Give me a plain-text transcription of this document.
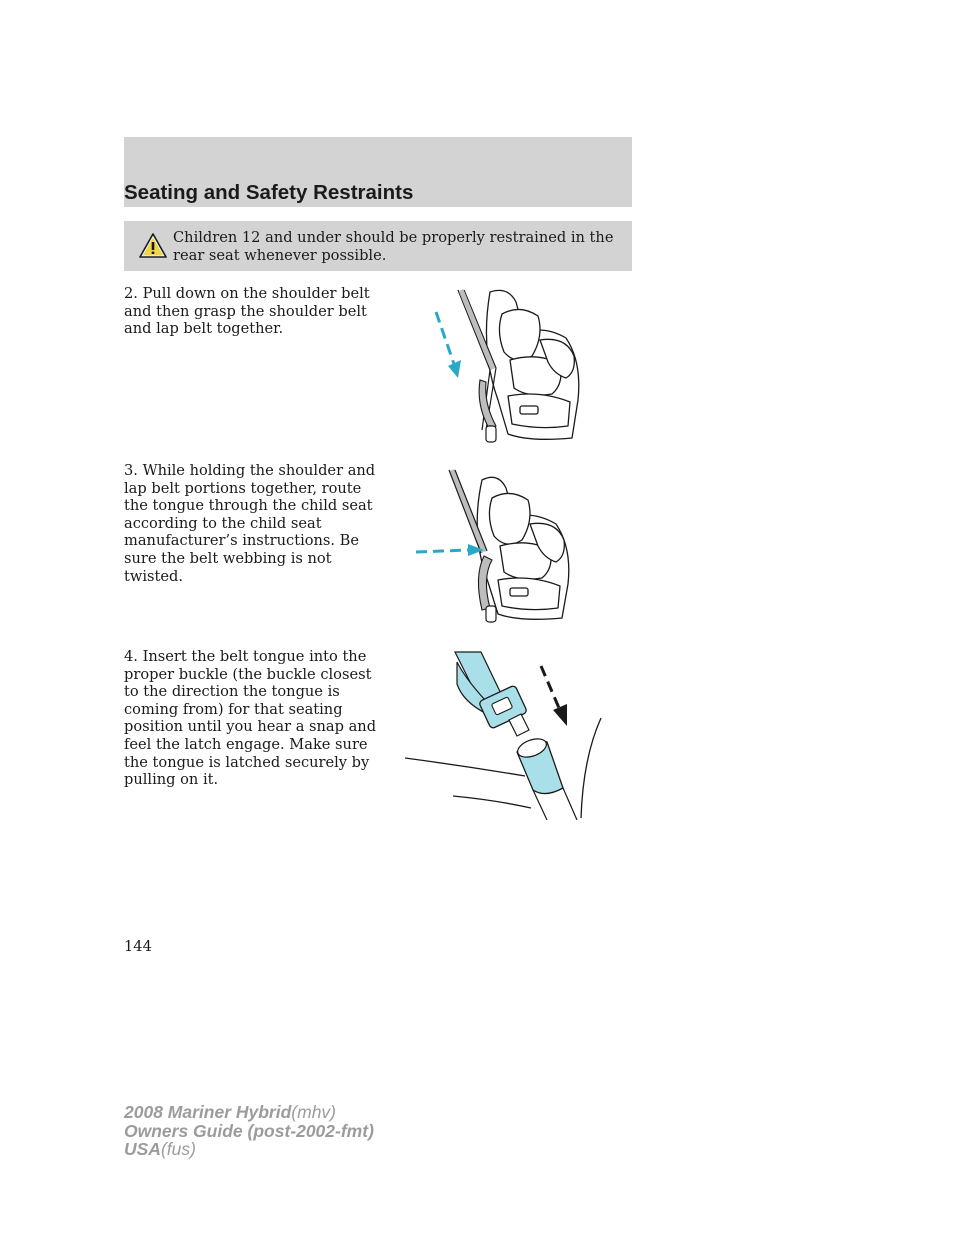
Seating and Safety Restraints
Children 12 and under should be properly restrained in the rear seat whenever possible.
2. Pull down on the shoulder belt and then grasp the shoulder belt and lap belt together.
3. While holding the shoulder and lap belt portions together, route the tongue through the child seat according to the child seat manufacturer’s instructions. Be sure the belt webbing is not twisted.
4. Insert the belt tongue into the proper buckle (the buckle closest to the direction the tongue is coming from) for that seating position until you hear a snap and feel the latch engage. Make sure the tongue is latched securely by pulling on it.
144
2008 Mariner Hybrid(mhv)
Owners Guide (post-2002-fmt)
USA(fus)
